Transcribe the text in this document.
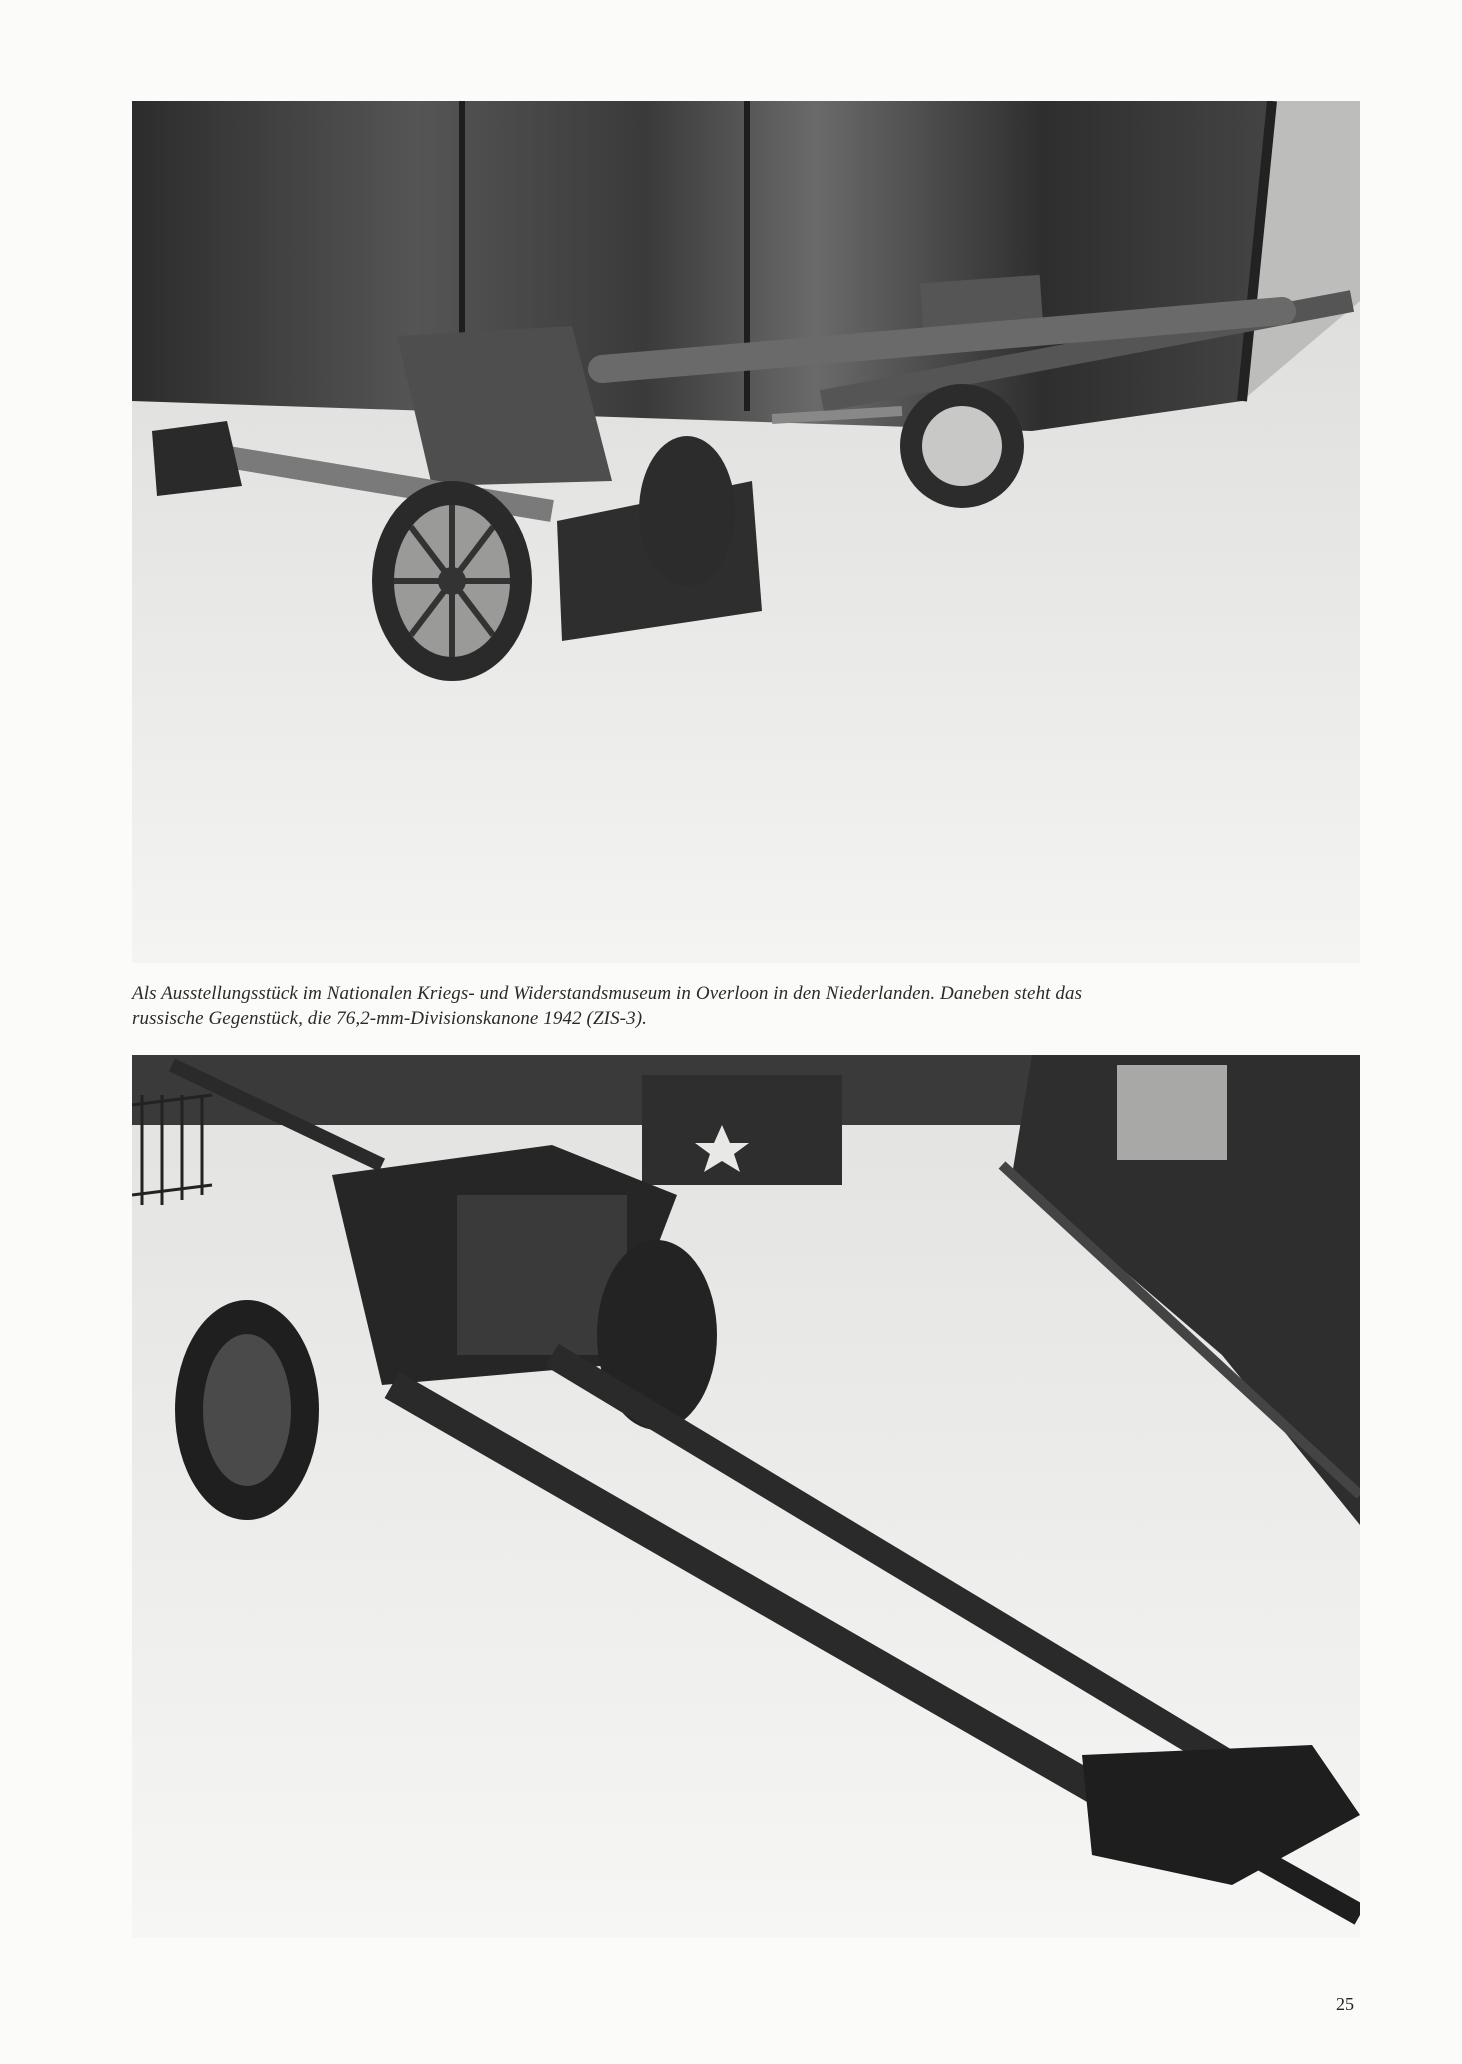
Als Ausstellungsstück im Nationalen Kriegs- und Widerstandsmuseum in Overloon in den Niederlanden. Daneben steht das
russische Gegenstück, die 76,2-mm-Divisionskanone 1942 (ZIS-3).
25
